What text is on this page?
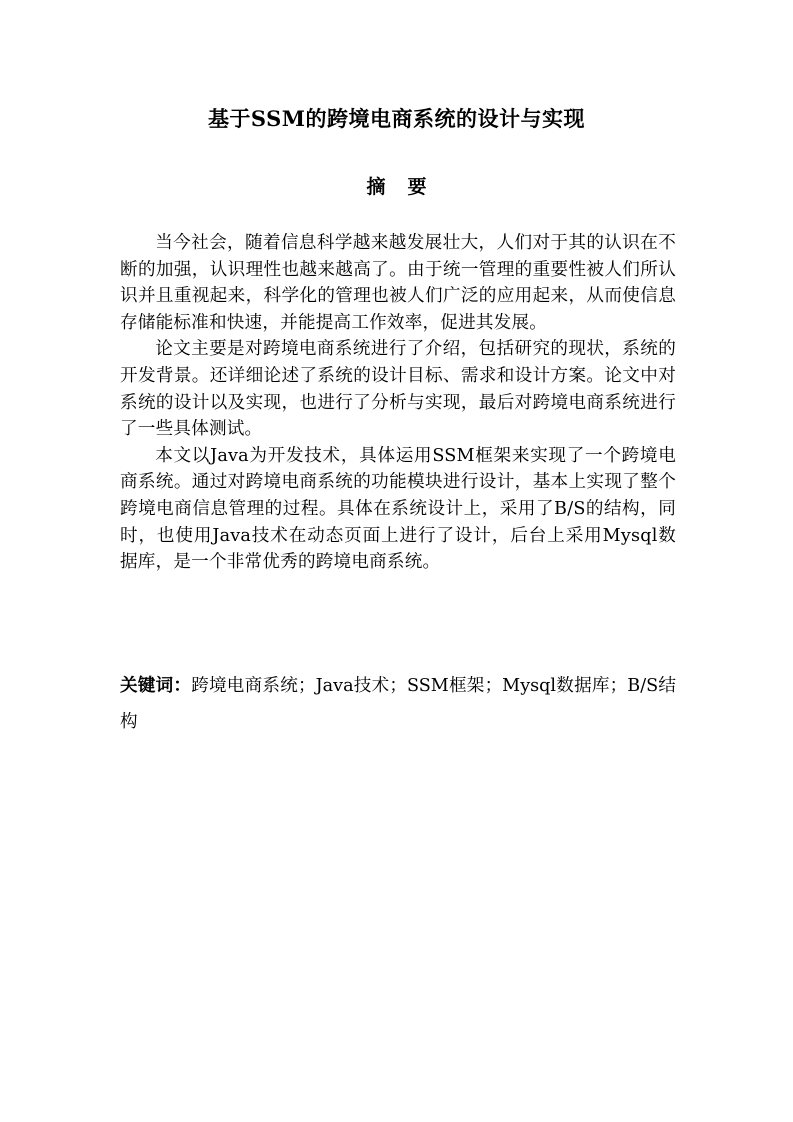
基于SSM的跨境电商系统的设计与实现
摘要

当今社会，随着信息科学越来越发展壮大，人们对于其的认识在不断的加强，认识理性也越来越高了。由于统一管理的重要性被人们所认识并且重视起来，科学化的管理也被人们广泛的应用起来，从而使信息存储能标准和快速，并能提高工作效率，促进其发展。

论文主要是对跨境电商系统进行了介绍，包括研究的现状，系统的开发背景。还详细论述了系统的设计目标、需求和设计方案。论文中对系统的设计以及实现，也进行了分析与实现，最后对跨境电商系统进行了一些具体测试。

本文以Java为开发技术，具体运用SSM框架来实现了一个跨境电商系统。通过对跨境电商系统的功能模块进行设计，基本上实现了整个跨境电商信息管理的过程。具体在系统设计上，采用了B/S的结构，同时，也使用Java技术在动态页面上进行了设计，后台上采用Mysql数据库，是一个非常优秀的跨境电商系统。

关键词：跨境电商系统；Java技术；SSM框架；Mysql数据库；B/S结构
